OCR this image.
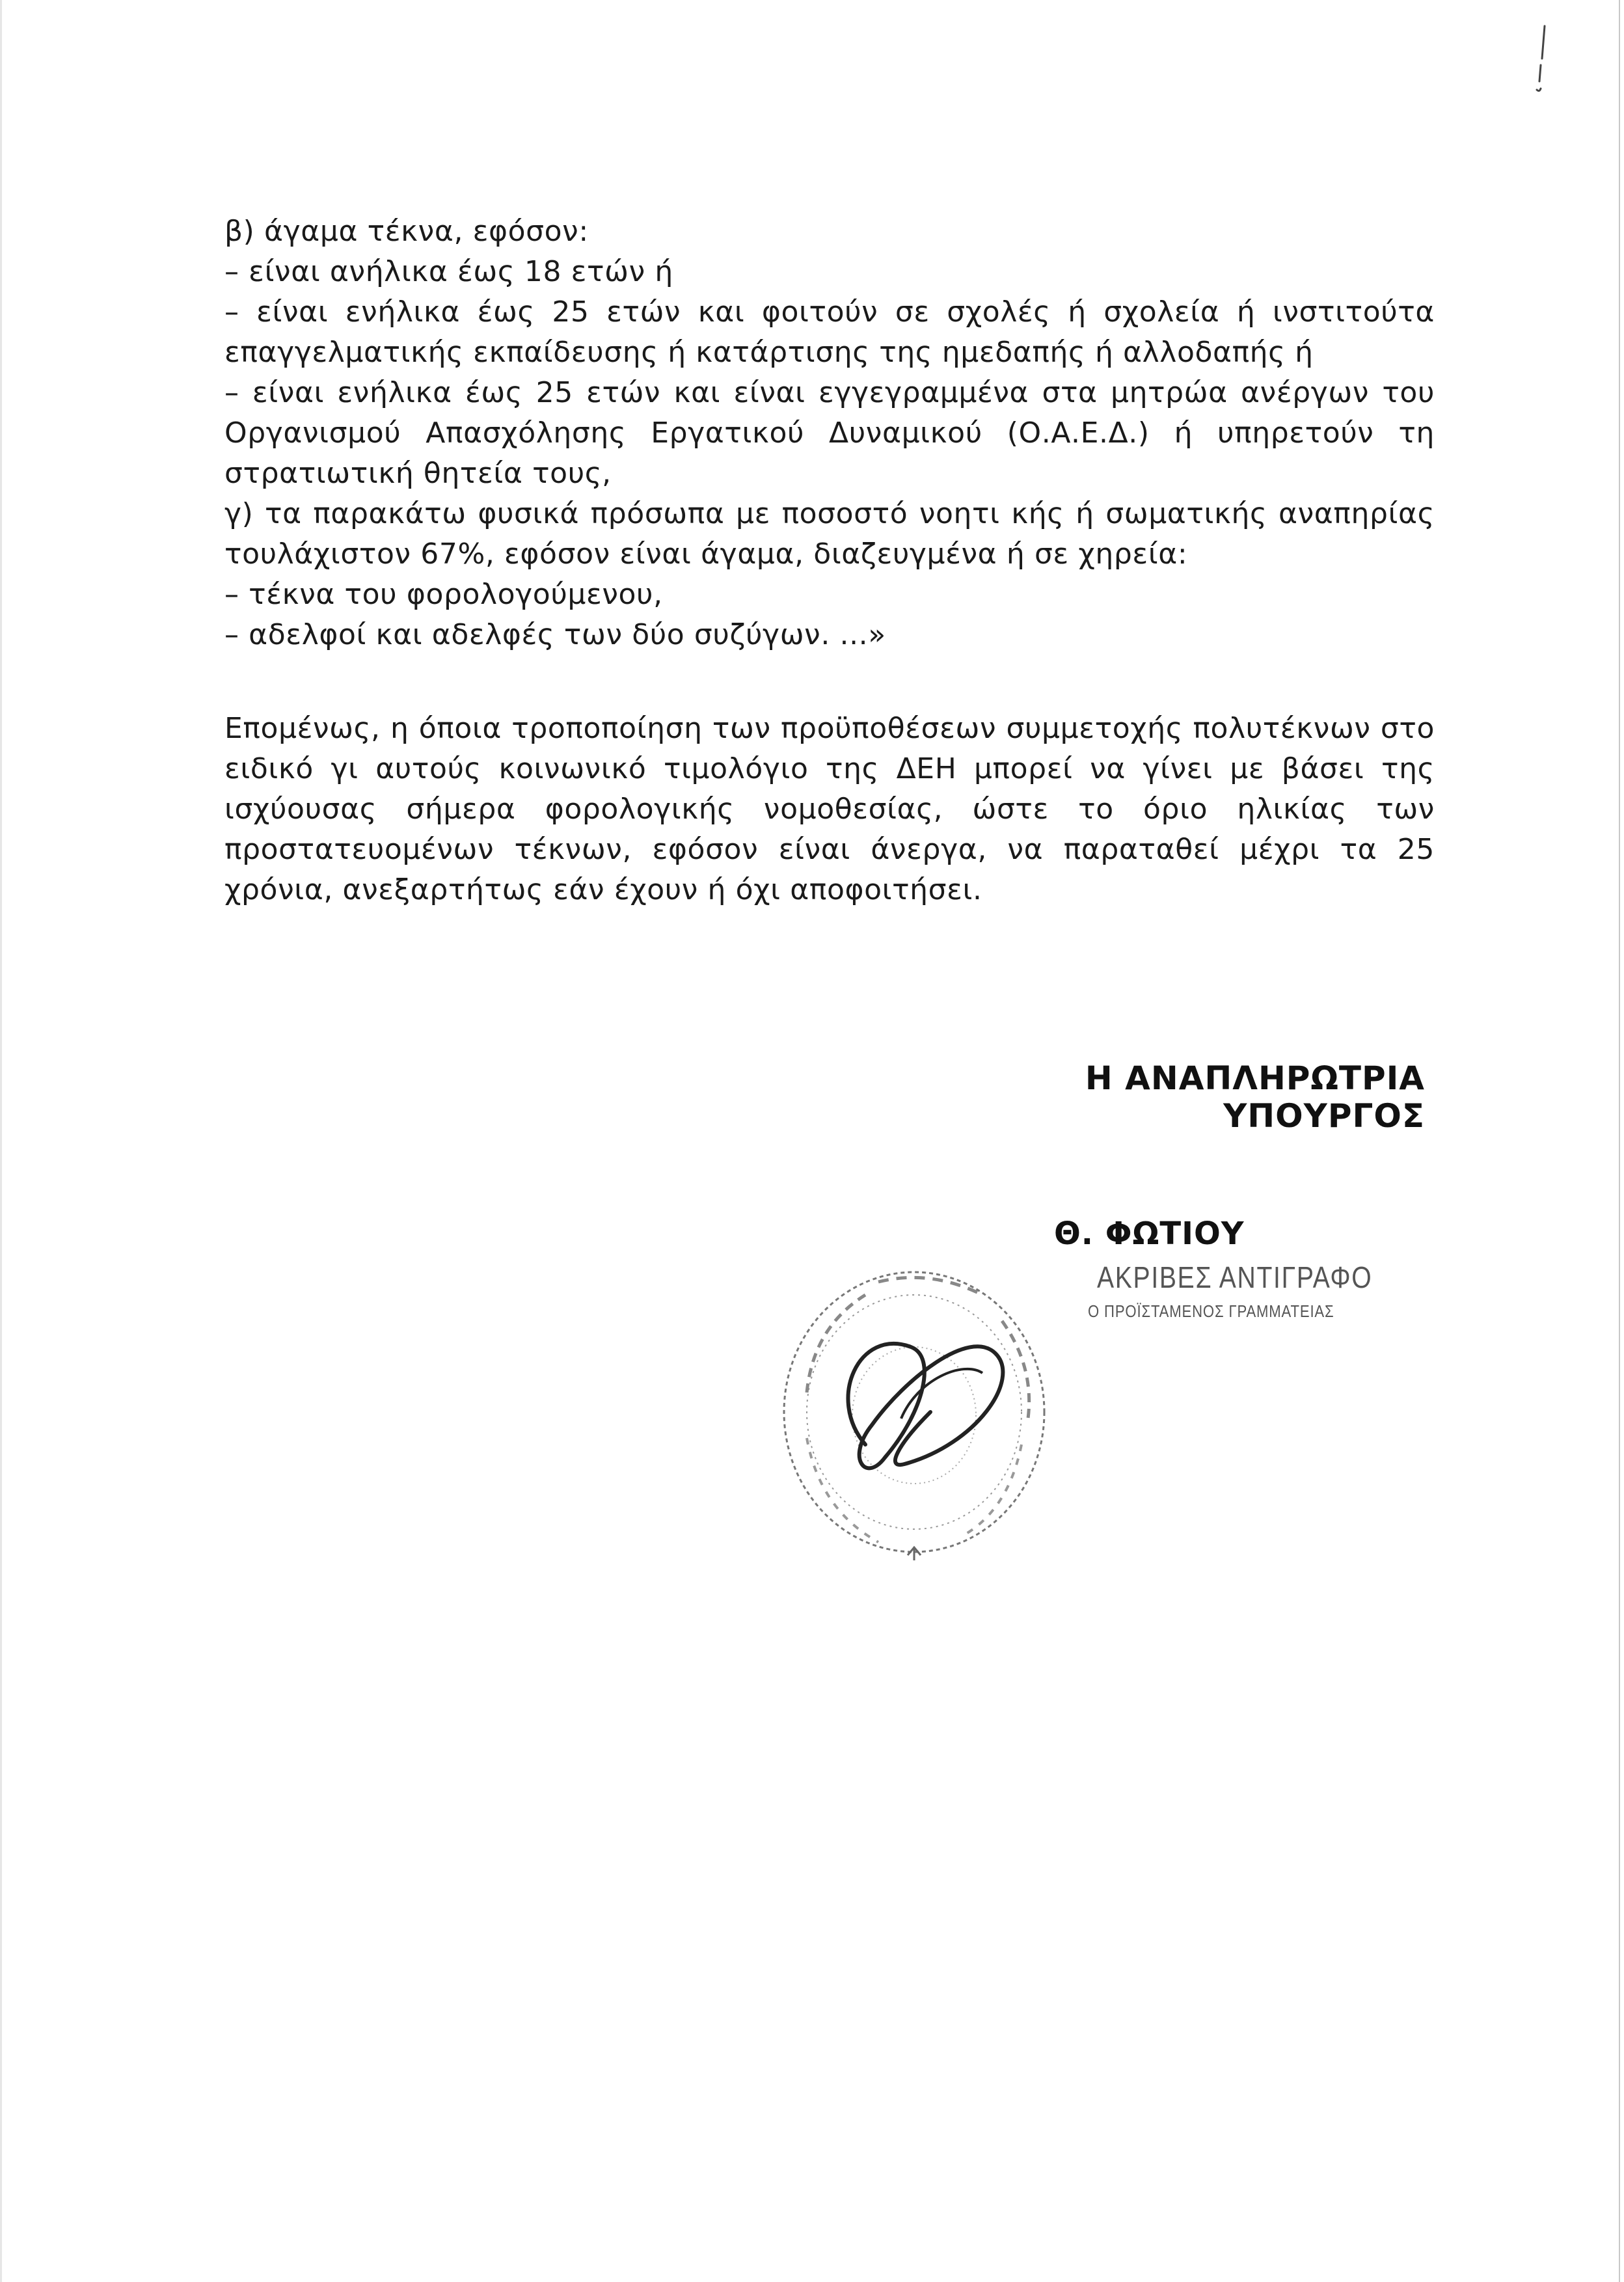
β) άγαμα τέκνα, εφόσον:
– είναι ανήλικα έως 18 ετών ή
– είναι ενήλικα έως 25 ετών και φοιτούν σε σχολές ή σχολεία ή ινστιτούτα
επαγγελματικής εκπαίδευσης ή κατάρτισης της ημεδαπής ή αλλοδαπής ή
– είναι ενήλικα έως 25 ετών και είναι εγγεγραμμένα στα μητρώα ανέργων του
Οργανισμού Απασχόλησης Εργατικού Δυναμικού (Ο.Α.Ε.Δ.) ή υπηρετούν τη
στρατιωτική θητεία τους,
γ) τα παρακάτω φυσικά πρόσωπα με ποσοστό νοητι κής ή σωματικής αναπηρίας
τουλάχιστον 67%, εφόσον είναι άγαμα, διαζευγμένα ή σε χηρεία:
– τέκνα του φορολογούμενου,
– αδελφοί και αδελφές των δύο συζύγων. ...»
Επομένως, η όποια τροποποίηση των προϋποθέσεων συμμετοχής πολυτέκνων στο
ειδικό γι αυτούς κοινωνικό τιμολόγιο της ΔΕΗ μπορεί να γίνει με βάσει της
ισχύουσας σήμερα φορολογικής νομοθεσίας, ώστε το όριο ηλικίας των
προστατευομένων τέκνων, εφόσον είναι άνεργα, να παραταθεί μέχρι τα 25
χρόνια, ανεξαρτήτως εάν έχουν ή όχι αποφοιτήσει.
Η ΑΝΑΠΛΗΡΩΤΡΙΑ ΥΠΟΥΡΓΟΣ
Θ. ΦΩΤΙΟΥ
ΑΚΡΙΒΕΣ ΑΝΤΙΓΡΑΦΟ
Ο ΠΡΟΪΣΤΑΜΕΝΟΣ ΓΡΑΜΜΑΤΕΙΑΣ
